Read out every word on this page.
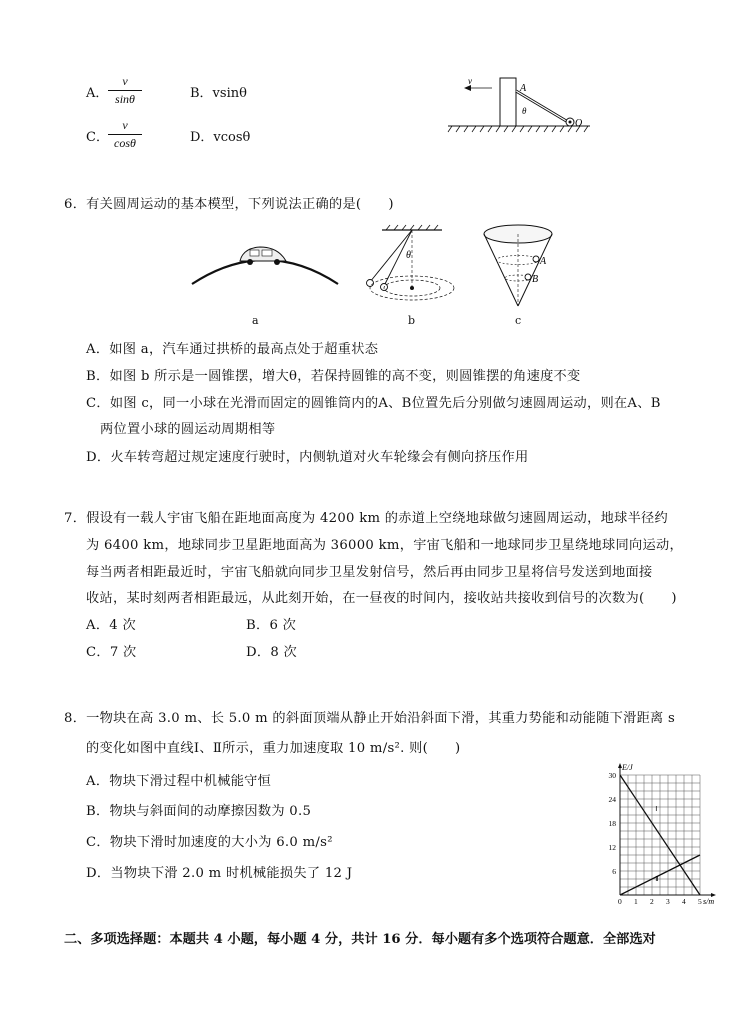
A．
v
sinθ	B．vsinθ
C．
v
cosθ	D．vcosθ
v
A
θ
O
6．有关圆周运动的基本模型，下列说法正确的是(　　)
a
θ
b
A
B
c
A．如图 a，汽车通过拱桥的最高点处于超重状态
B．如图 b 所示是一圆锥摆，增大θ，若保持圆锥的高不变，则圆锥摆的角速度不变
C．如图 c，同一小球在光滑而固定的圆锥筒内的A、B位置先后分别做匀速圆周运动，则在A、B
两位置小球的圆运动周期相等
D．火车转弯超过规定速度行驶时，内侧轨道对火车轮缘会有侧向挤压作用
7．假设有一载人宇宙飞船在距地面高度为 4200 km 的赤道上空绕地球做匀速圆周运动，地球半径约
为 6400 km，地球同步卫星距地面高为 36000 km，宇宙飞船和一地球同步卫星绕地球同向运动，
每当两者相距最近时，宇宙飞船就向同步卫星发射信号，然后再由同步卫星将信号发送到地面接
收站，某时刻两者相距最远，从此刻开始，在一昼夜的时间内，接收站共接收到信号的次数为(　　)
A．4 次	B．6 次
C．7 次	D．8 次
8．一物块在高 3.0 m、长 5.0 m 的斜面顶端从静止开始沿斜面下滑，其重力势能和动能随下滑距离 s
的变化如图中直线Ⅰ、Ⅱ所示，重力加速度取 10 m/s². 则(　　)
A．物块下滑过程中机械能守恒
B．物块与斜面间的动摩擦因数为 0.5
C．物块下滑时加速度的大小为 6.0 m/s²
D．当物块下滑 2.0 m 时机械能损失了 12 J
Ⅰ
Ⅱ
0 1 2 3 4 5
6
12
18
24
30
E/J
s/m
二、多项选择题：本题共 4 小题，每小题 4 分，共计 16 分．每小题有多个选项符合题意．全部选对
